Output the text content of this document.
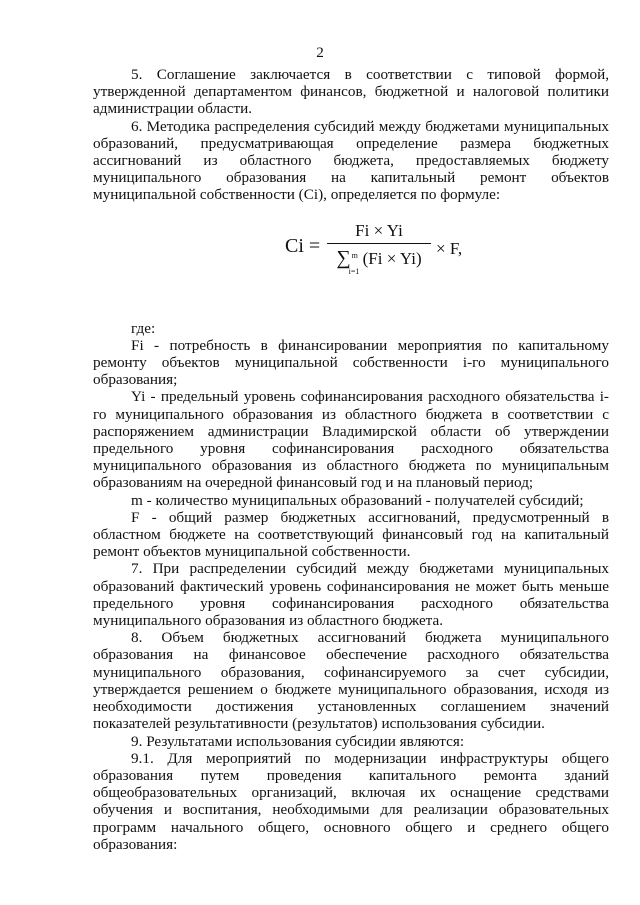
2

5. Соглашение заключается в соответствии с типовой формой, утвержденной департаментом финансов, бюджетной и налоговой политики администрации области.

6. Методика распределения субсидий между бюджетами муниципальных образований, предусматривающая определение размера бюджетных ассигнований из областного бюджета, предоставляемых бюджету муниципального образования на капитальный ремонт объектов муниципальной собственности (Ci), определяется по формуле:

Ci =
Fi × Yi
∑ m
i=1
(Fi × Yi)
× F,

где:

Fi - потребность в финансировании мероприятия по капитальному ремонту объектов муниципальной собственности i-го муниципального образования;

Yi - предельный уровень софинансирования расходного обязательства i-го муниципального образования из областного бюджета в соответствии с распоряжением администрации Владимирской области об утверждении предельного уровня софинансирования расходного обязательства муниципального образования из областного бюджета по муниципальным образованиям на очередной финансовый год и на плановый период;

m - количество муниципальных образований - получателей субсидий;

F - общий размер бюджетных ассигнований, предусмотренный в областном бюджете на соответствующий финансовый год на капитальный ремонт объектов муниципальной собственности.

7. При распределении субсидий между бюджетами муниципальных образований фактический уровень софинансирования не может быть меньше предельного уровня софинансирования расходного обязательства муниципального образования из областного бюджета.

8. Объем бюджетных ассигнований бюджета муниципального образования на финансовое обеспечение расходного обязательства муниципального образования, софинансируемого за счет субсидии, утверждается решением о бюджете муниципального образования, исходя из необходимости достижения установленных соглашением значений показателей результативности (результатов) использования субсидии.

9. Результатами использования субсидии являются:

9.1. Для мероприятий по модернизации инфраструктуры общего образования путем проведения капитального ремонта зданий общеобразовательных организаций, включая их оснащение средствами обучения и воспитания, необходимыми для реализации образовательных программ начального общего, основного общего и среднего общего образования:
